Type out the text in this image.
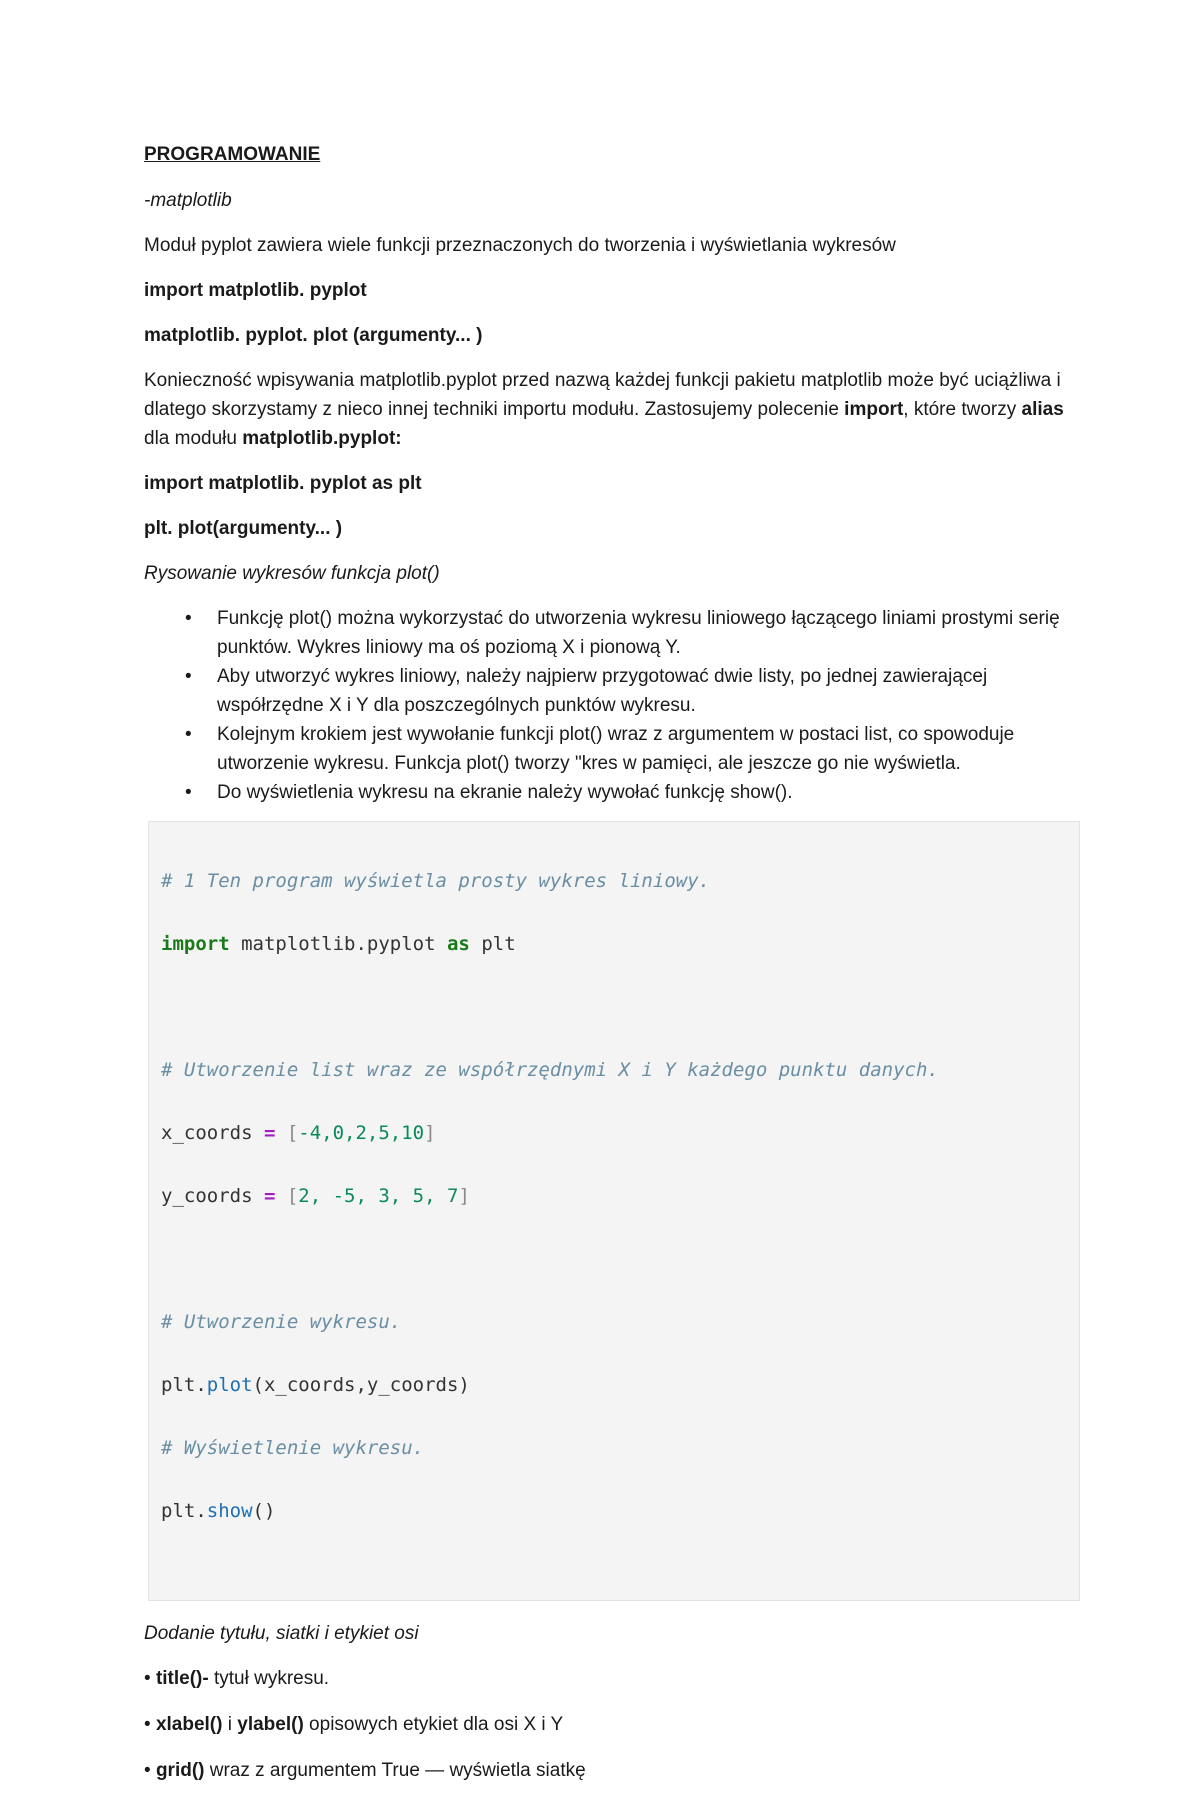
PROGRAMOWANIE

-matplotlib

Moduł pyplot zawiera wiele funkcji przeznaczonych do tworzenia i wyświetlania wykresów

import matplotlib. pyplot

matplotlib. pyplot. plot (argumenty... )

Konieczność wpisywania matplotlib.pyplot przed nazwą każdej funkcji pakietu matplotlib może być uciążliwa i dlatego skorzystamy z nieco innej techniki importu modułu. Zastosujemy polecenie import, które tworzy alias dla modułu matplotlib.pyplot:

import matplotlib. pyplot as plt

plt. plot(argumenty... )

Rysowanie wykresów funkcja plot()

• Funkcję plot() można wykorzystać do utworzenia wykresu liniowego łączącego liniami prostymi serię punktów. Wykres liniowy ma oś poziomą X i pionową Y.
• Aby utworzyć wykres liniowy, należy najpierw przygotować dwie listy, po jednej zawierającej współrzędne X i Y dla poszczególnych punktów wykresu.
• Kolejnym krokiem jest wywołanie funkcji plot() wraz z argumentem w postaci list, co spowoduje utworzenie wykresu. Funkcja plot() tworzy "kres w pamięci, ale jeszcze go nie wyświetla.
• Do wyświetlenia wykresu na ekranie należy wywołać funkcję show().

# 1 Ten program wyświetla prosty wykres liniowy.

import matplotlib.pyplot as plt

# Utworzenie list wraz ze współrzędnymi X i Y każdego punktu danych.

x_coords = [-4,0,2,5,10]

y_coords = [2, -5, 3, 5, 7]

# Utworzenie wykresu.

plt.plot(x_coords,y_coords)

# Wyświetlenie wykresu.

plt.show()

Dodanie tytułu, siatki i etykiet osi

• title()- tytuł wykresu.

• xlabel() i ylabel() opisowych etykiet dla osi X i Y

• grid() wraz z argumentem True — wyświetla siatkę
